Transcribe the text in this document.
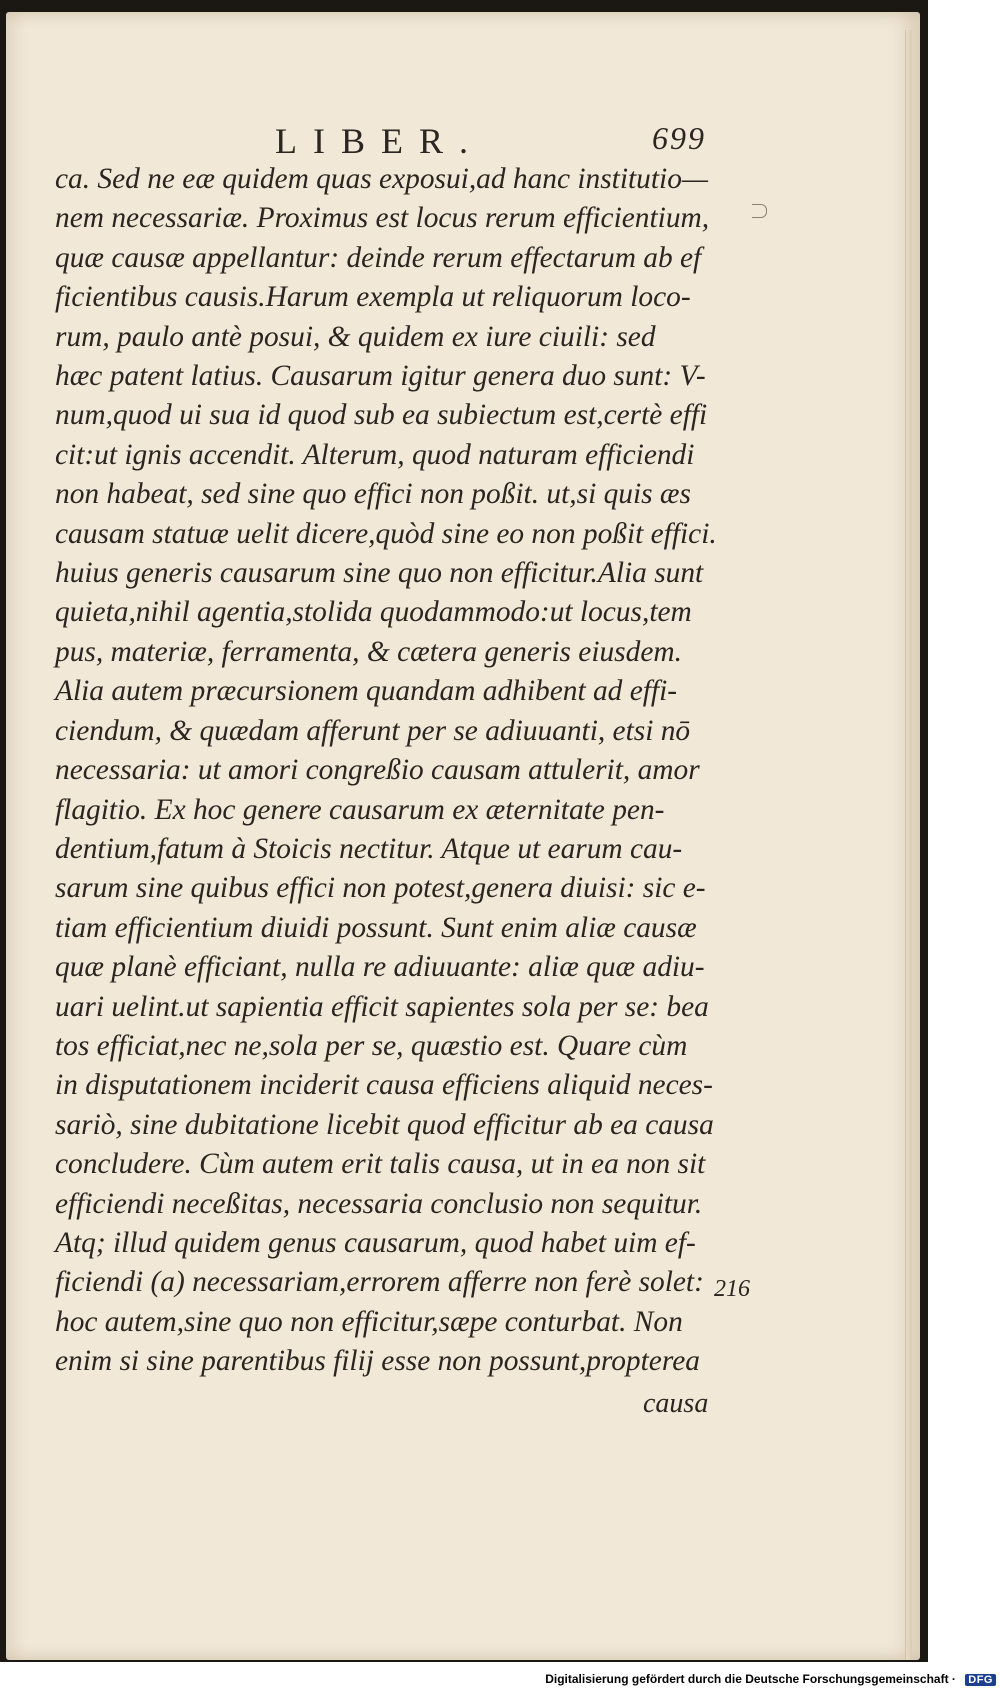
LIBER.	699
ca. Sed ne eæ quidem quas exposui,ad hanc institutio—
nem necessariæ. Proximus est locus rerum efficientium,
quæ causæ appellantur: deinde rerum effectarum ab ef
ficientibus causis.Harum exempla ut reliquorum loco-
rum, paulo antè posui, & quidem ex iure ciuili: sed
hæc patent latius. Causarum igitur genera duo sunt: V-
num,quod ui sua id quod sub ea subiectum est,certè effi
cit:ut ignis accendit. Alterum, quod naturam efficiendi
non habeat, sed sine quo effici non poßit. ut,si quis æs
causam statuæ uelit dicere,quòd sine eo non poßit effici.
huius generis causarum sine quo non efficitur.Alia sunt
quieta,nihil agentia,stolida quodammodo:ut locus,tem
pus, materiæ, ferramenta, & cætera generis eiusdem.
Alia autem præcursionem quandam adhibent ad effi-
ciendum, & quædam afferunt per se adiuuanti, etsi nō
necessaria: ut amori congreßio causam attulerit, amor
flagitio. Ex hoc genere causarum ex æternitate pen-
dentium,fatum à Stoicis nectitur. Atque ut earum cau-
sarum sine quibus effici non potest,genera diuisi: sic e-
tiam efficientium diuidi possunt. Sunt enim aliæ causæ
quæ planè efficiant, nulla re adiuuante: aliæ quæ adiu-
uari uelint.ut sapientia efficit sapientes sola per se: bea
tos efficiat,nec ne,sola per se, quæstio est. Quare cùm
in disputationem inciderit causa efficiens aliquid neces-
sariò, sine dubitatione licebit quod efficitur ab ea causa
concludere. Cùm autem erit talis causa, ut in ea non sit
efficiendi neceßitas, necessaria conclusio non sequitur.
Atq; illud quidem genus causarum, quod habet uim ef-
ficiendi (a) necessariam,errorem afferre non ferè solet:
hoc autem,sine quo non efficitur,sæpe conturbat. Non
enim si sine parentibus filij esse non possunt,propterea
216
causa
Digitalisierung gefördert durch die Deutsche Forschungsgemeinschaft · DFG
